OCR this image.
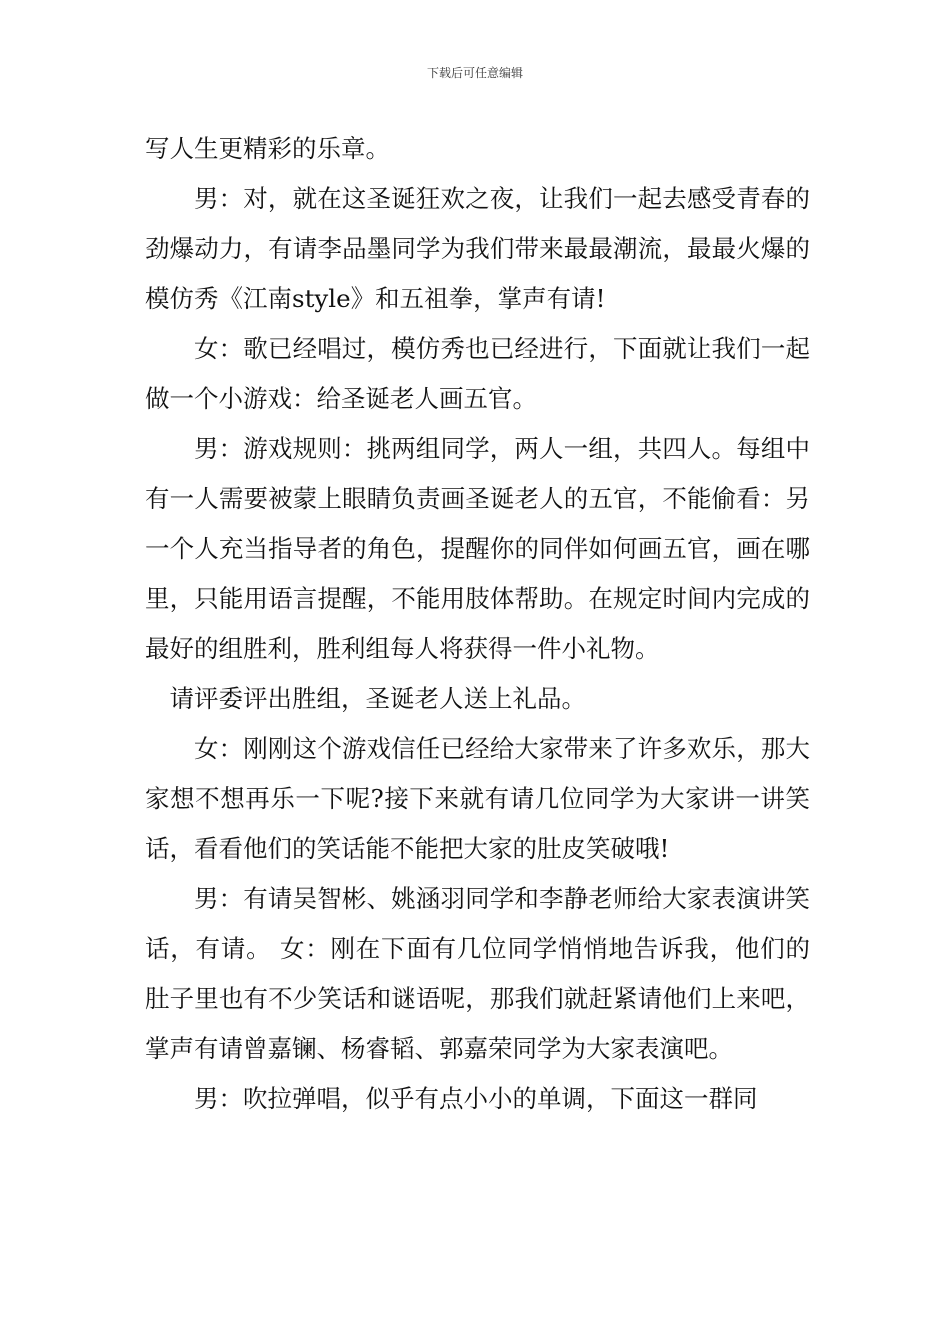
下载后可任意编辑

写人生更精彩的乐章。

男：对，就在这圣诞狂欢之夜，让我们一起去感受青春的劲爆动力，有请李品墨同学为我们带来最最潮流，最最火爆的模仿秀《江南style》和五祖拳，掌声有请!

女：歌已经唱过，模仿秀也已经进行，下面就让我们一起做一个小游戏：给圣诞老人画五官。

男：游戏规则：挑两组同学，两人一组，共四人。每组中有一人需要被蒙上眼睛负责画圣诞老人的五官，不能偷看：另一个人充当指导者的角色，提醒你的同伴如何画五官，画在哪里，只能用语言提醒，不能用肢体帮助。在规定时间内完成的最好的组胜利，胜利组每人将获得一件小礼物。

请评委评出胜组，圣诞老人送上礼品。

女：刚刚这个游戏信任已经给大家带来了许多欢乐，那大家想不想再乐一下呢?接下来就有请几位同学为大家讲一讲笑话，看看他们的笑话能不能把大家的肚皮笑破哦!

男：有请吴智彬、姚涵羽同学和李静老师给大家表演讲笑话，有请。 女：刚在下面有几位同学悄悄地告诉我，他们的肚子里也有不少笑话和谜语呢，那我们就赶紧请他们上来吧，掌声有请曾嘉镧、杨睿韬、郭嘉荣同学为大家表演吧。

男：吹拉弹唱，似乎有点小小的单调，下面这一群同
